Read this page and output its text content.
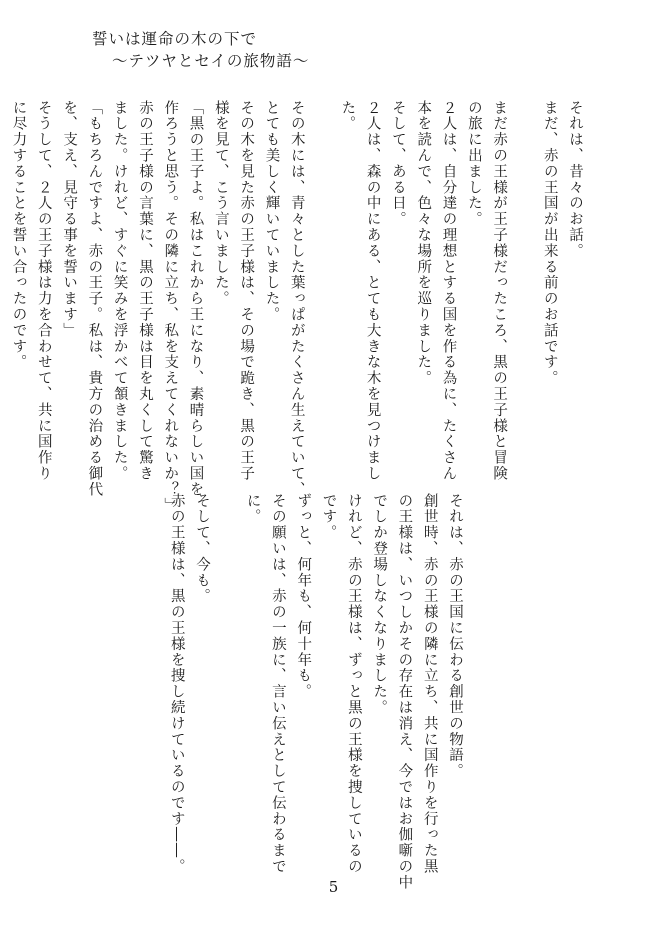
誓いは運命の木の下で
〜テツヤとセイの旅物語〜
それは、昔々のお話。
まだ、赤の王国が出来る前のお話です。

まだ赤の王様が王子様だったころ、黒の王子様と冒険
の旅に出ました。
２人は、自分達の理想とする国を作る為に、たくさん
本を読んで、色々な場所を巡りました。
そして、ある日。
２人は、森の中にある、とても大きな木を見つけまし
た。

その木には、青々とした葉っぱがたくさん生えていて、
とても美しく輝いていました。
その木を見た赤の王子様は、その場で跪き、黒の王子
様を見て、こう言いました。
「黒の王子よ。私はこれから王になり、素晴らしい国を
作ろうと思う。その隣に立ち、私を支えてくれないか？」
赤の王子様の言葉に、黒の王子様は目を丸くして驚き
ました。けれど、すぐに笑みを浮かべて頷きました。
「もちろんですよ、赤の王子。私は、貴方の治める御代
を、支え、見守る事を誓います」
そうして、２人の王子様は力を合わせて、共に国作り
に尽力することを誓い合ったのです。
それは、赤の王国に伝わる創世の物語。
創世時、赤の王様の隣に立ち、共に国作りを行った黒
の王様は、いつしかその存在は消え、今ではお伽噺の中
でしか登場しなくなりました。
けれど、赤の王様は、ずっと黒の王様を捜しているの
です。
ずっと、何年も、何十年も。
その願いは、赤の一族に、言い伝えとして伝わるまで
に。

そして、今も。
赤の王様は、黒の王様を捜し続けているのです――。
5
